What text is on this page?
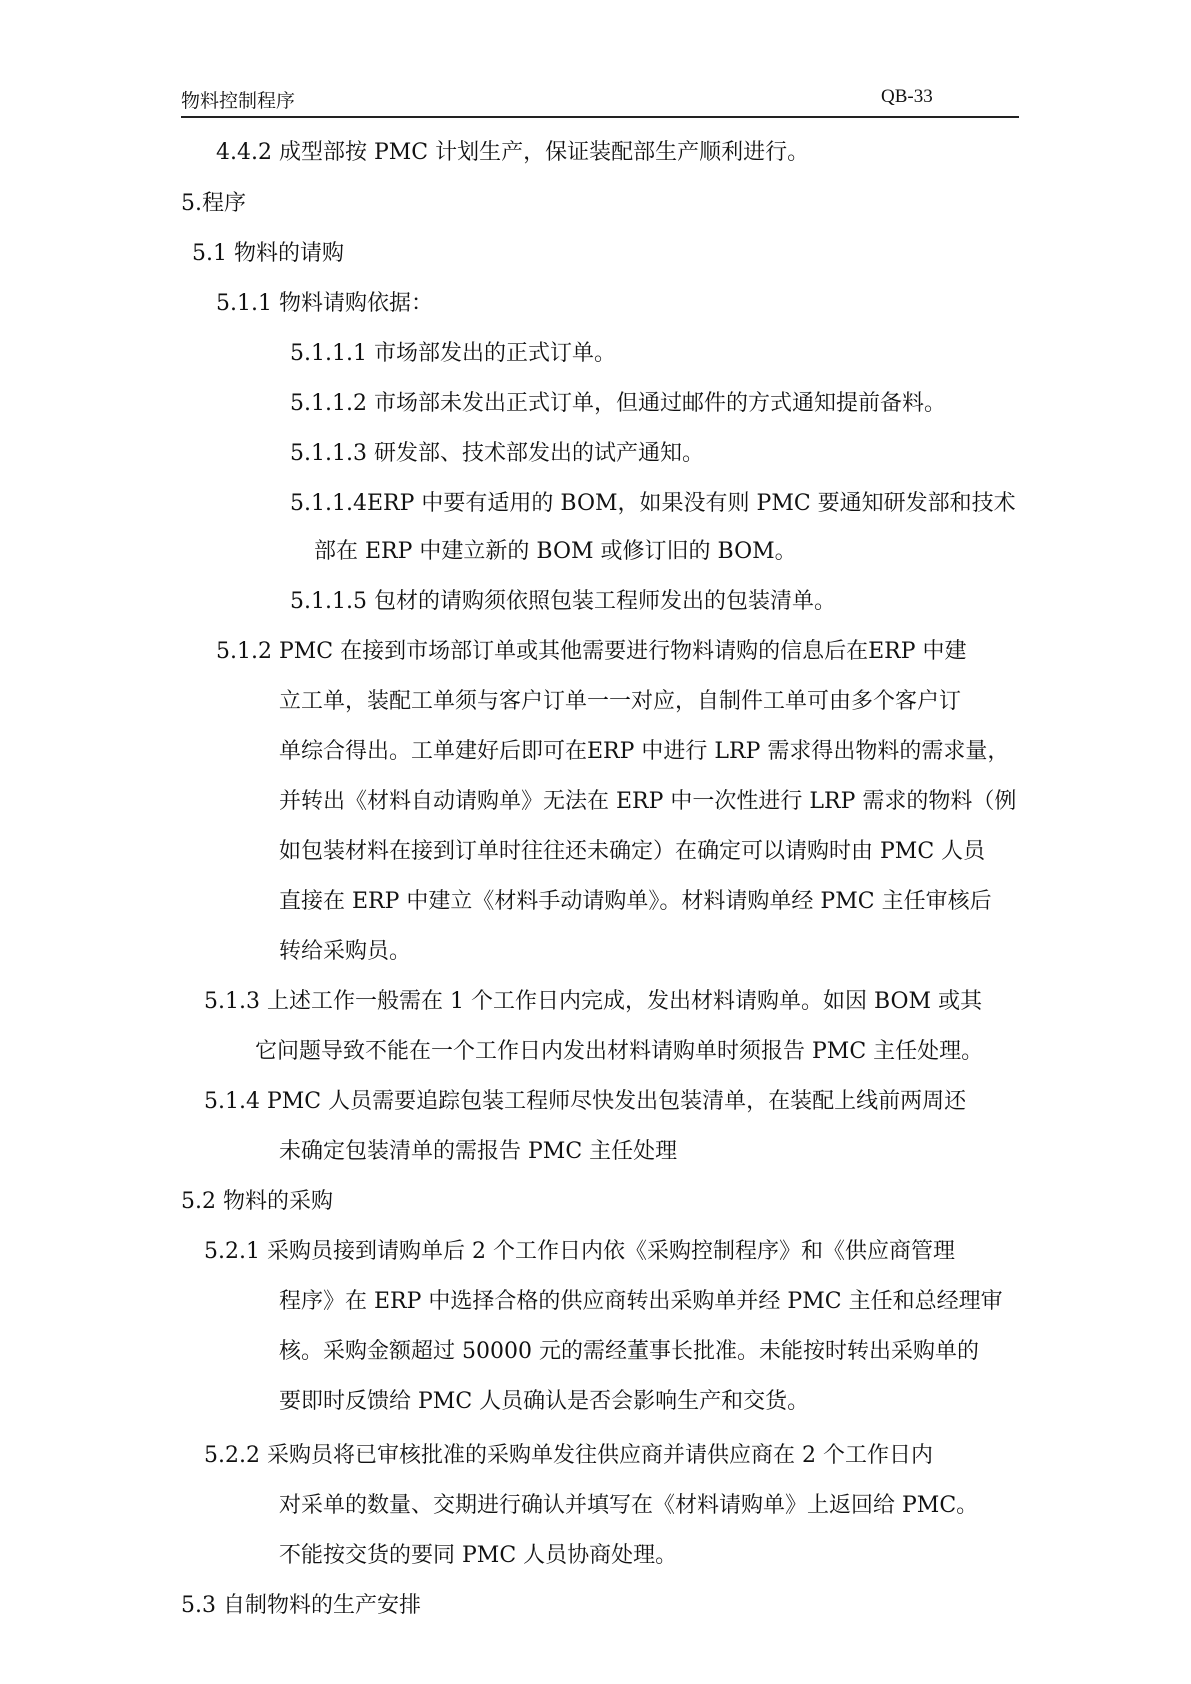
物料控制程序	QB-33
4.4.2 成型部按 PMC 计划生产，保证装配部生产顺利进行。
5.程序
5.1 物料的请购
5.1.1 物料请购依据：
5.1.1.1 市场部发出的正式订单。
5.1.1.2 市场部未发出正式订单，但通过邮件的方式通知提前备料。
5.1.1.3 研发部、技术部发出的试产通知。
5.1.1.4ERP 中要有适用的 BOM，如果没有则 PMC 要通知研发部和技术
部在 ERP 中建立新的 BOM 或修订旧的 BOM。
5.1.1.5 包材的请购须依照包装工程师发出的包装清单。
5.1.2 PMC 在接到市场部订单或其他需要进行物料请购的信息后在ERP 中建
立工单，装配工单须与客户订单一一对应，自制件工单可由多个客户订
单综合得出。工单建好后即可在ERP 中进行 LRP 需求得出物料的需求量，
并转出《材料自动请购单》无法在 ERP 中一次性进行 LRP 需求的物料（例
如包装材料在接到订单时往往还未确定）在确定可以请购时由 PMC 人员
直接在 ERP 中建立《材料手动请购单》。材料请购单经 PMC 主任审核后
转给采购员。
5.1.3 上述工作一般需在 1 个工作日内完成，发出材料请购单。如因 BOM 或其
它问题导致不能在一个工作日内发出材料请购单时须报告 PMC 主任处理。
5.1.4 PMC 人员需要追踪包装工程师尽快发出包装清单，在装配上线前两周还
未确定包装清单的需报告 PMC 主任处理
5.2 物料的采购
5.2.1 采购员接到请购单后 2 个工作日内依《采购控制程序》和《供应商管理
程序》在 ERP 中选择合格的供应商转出采购单并经 PMC 主任和总经理审
核。采购金额超过 50000 元的需经董事长批准。未能按时转出采购单的
要即时反馈给 PMC 人员确认是否会影响生产和交货。
5.2.2 采购员将已审核批准的采购单发往供应商并请供应商在 2 个工作日内
对采单的数量、交期进行确认并填写在《材料请购单》上返回给 PMC。
不能按交货的要同 PMC 人员协商处理。
5.3 自制物料的生产安排
